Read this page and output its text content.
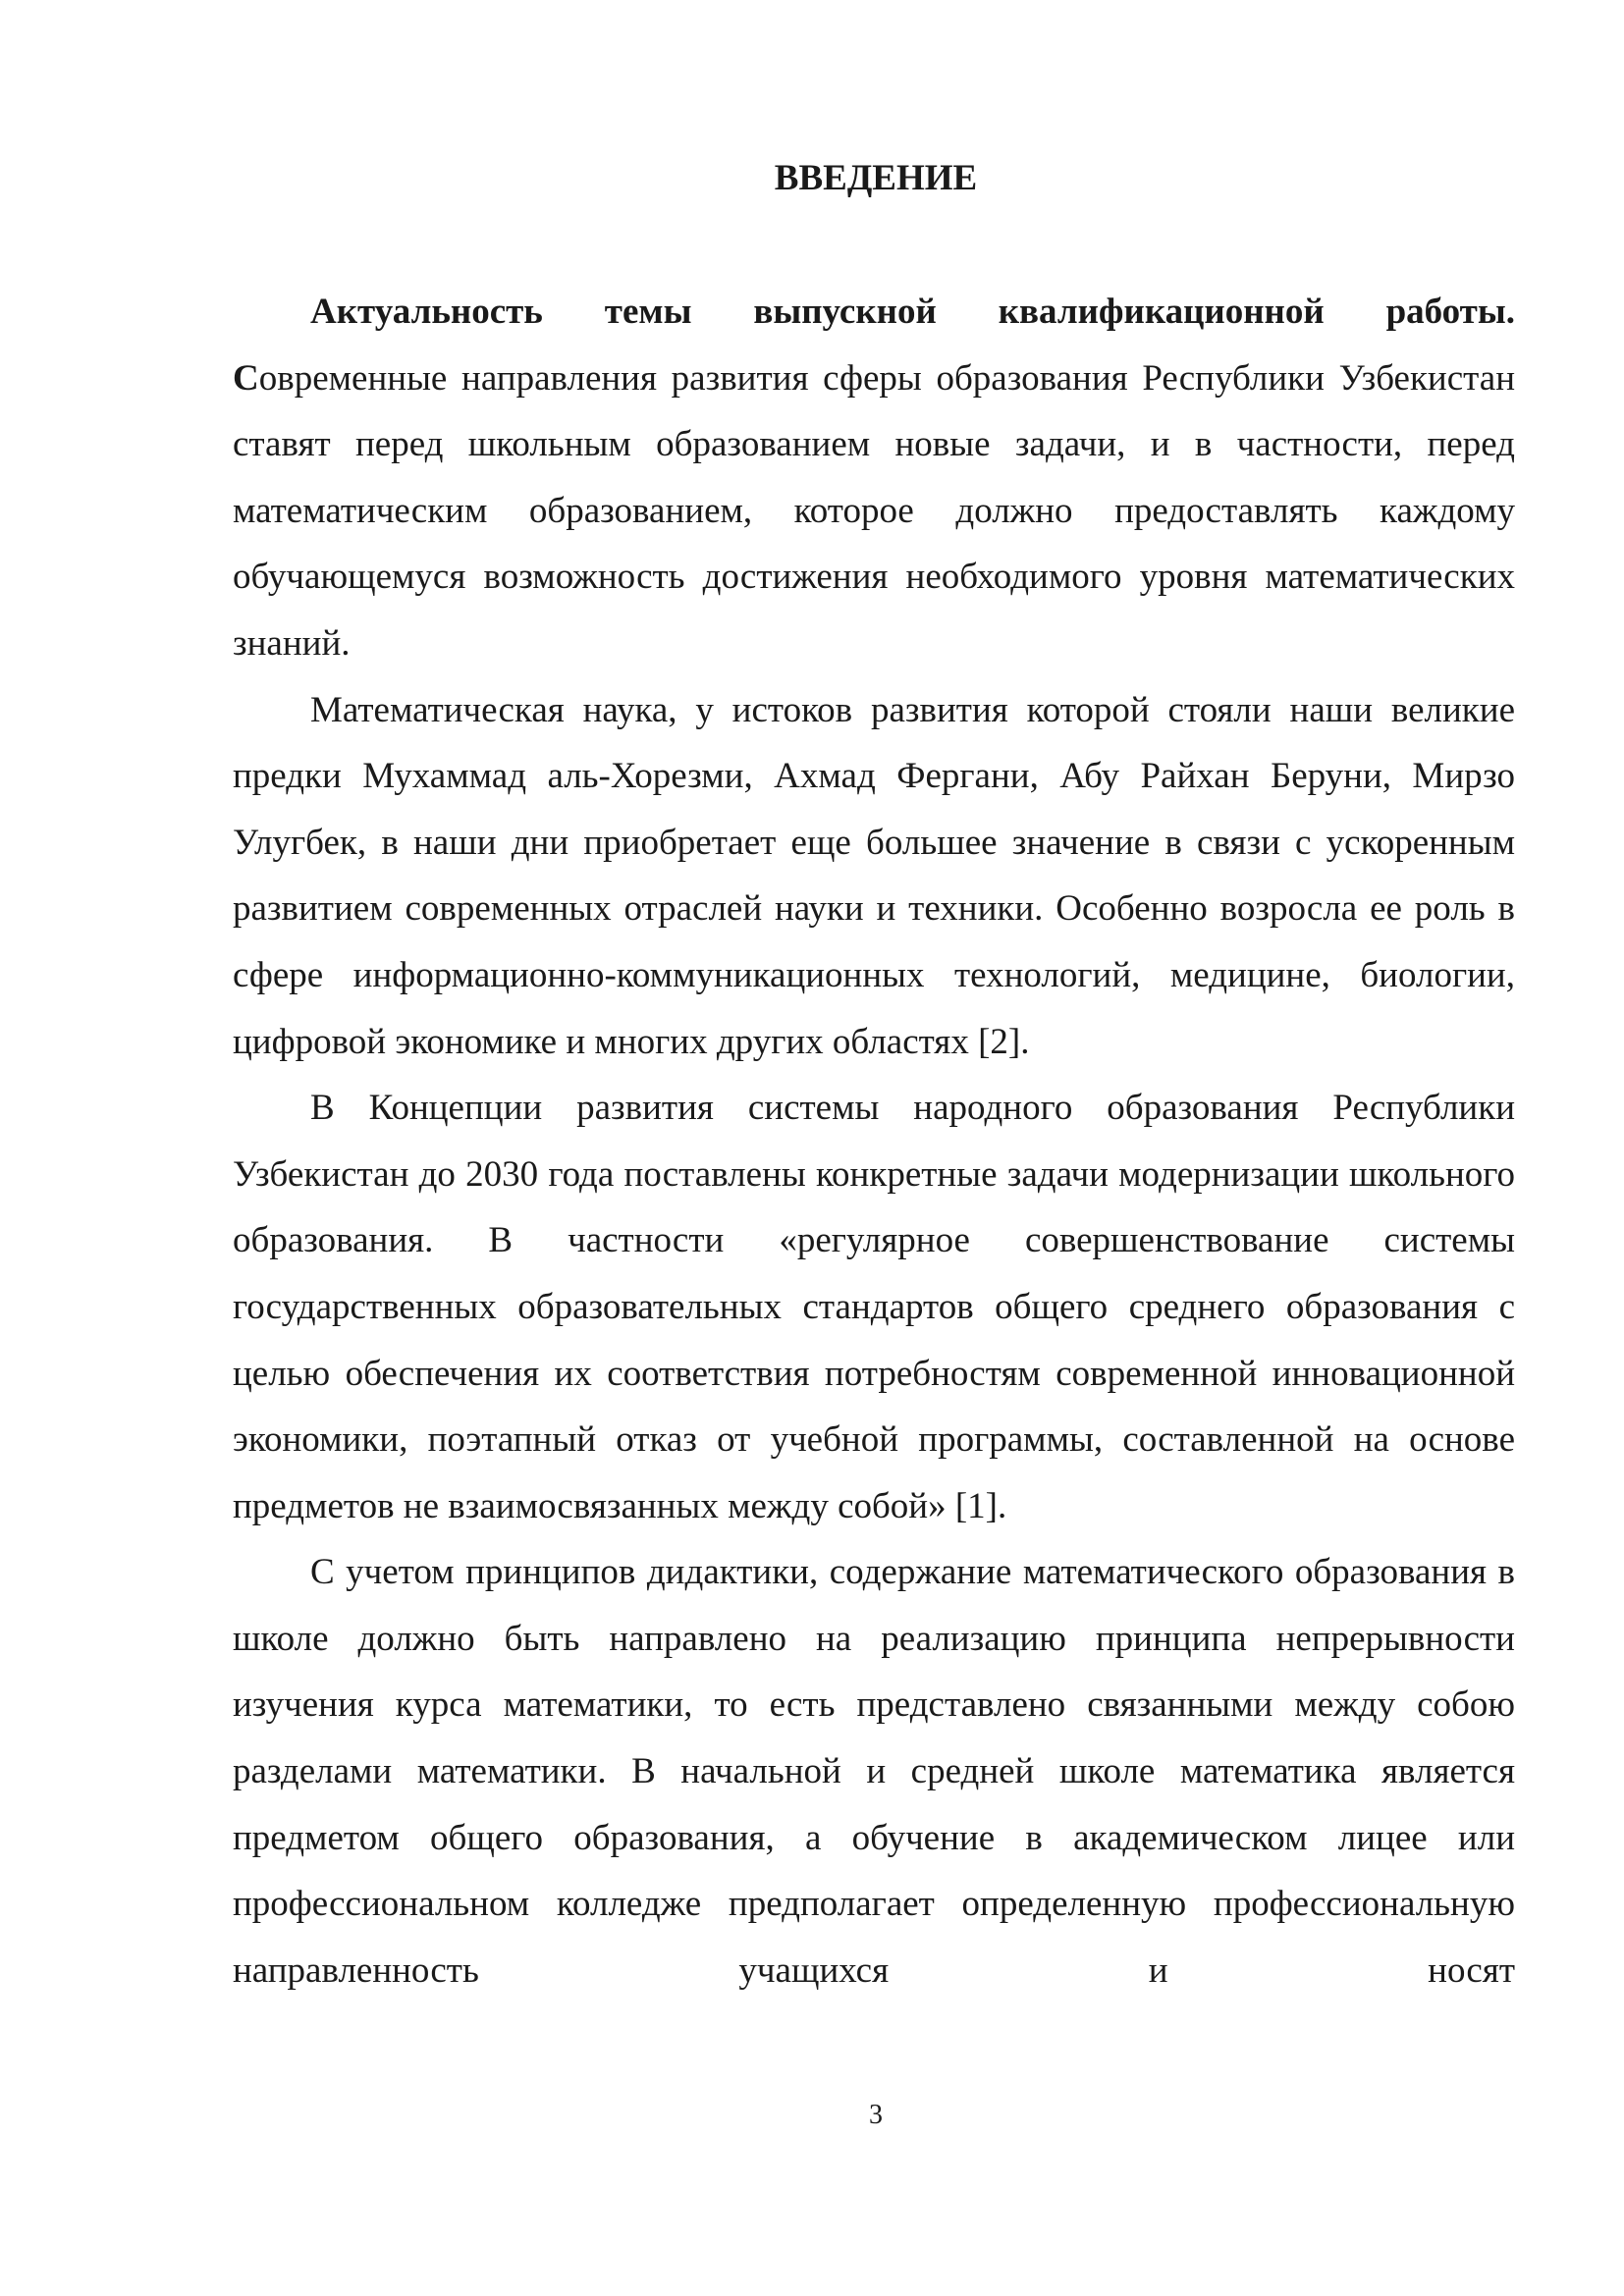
ВВЕДЕНИЕ

Актуальность темы выпускной квалификационной работы. Современные направления развития сферы образования Республики Узбекистан ставят перед школьным образованием новые задачи, и в частности, перед математическим образованием, которое должно предоставлять каждому обучающемуся возможность достижения необходимого уровня математических знаний.

Математическая наука, у истоков развития которой стояли наши великие предки Мухаммад аль-Хорезми, Ахмад Фергани, Абу Райхан Беруни, Мирзо Улугбек, в наши дни приобретает еще большее значение в связи с ускоренным развитием современных отраслей науки и техники. Особенно возросла ее роль в сфере информационно-коммуникационных технологий, медицине, биологии, цифровой экономике и многих других областях [2].

В Концепции развития системы народного образования Республики Узбекистан до 2030 года поставлены конкретные задачи модернизации школьного образования. В частности «регулярное совершенствование системы государственных образовательных стандартов общего среднего образования с целью обеспечения их соответствия потребностям современной инновационной экономики, поэтапный отказ от учебной программы, составленной на основе предметов не взаимосвязанных между собой» [1].

С учетом принципов дидактики, содержание математического образования в школе должно быть направлено на реализацию принципа непрерывности изучения курса математики, то есть представлено связанными между собою разделами математики. В начальной и средней школе математика является предметом общего образования, а обучение в академическом лицее или профессиональном колледже предполагает определенную профессиональную направленность учащихся и носят

3
